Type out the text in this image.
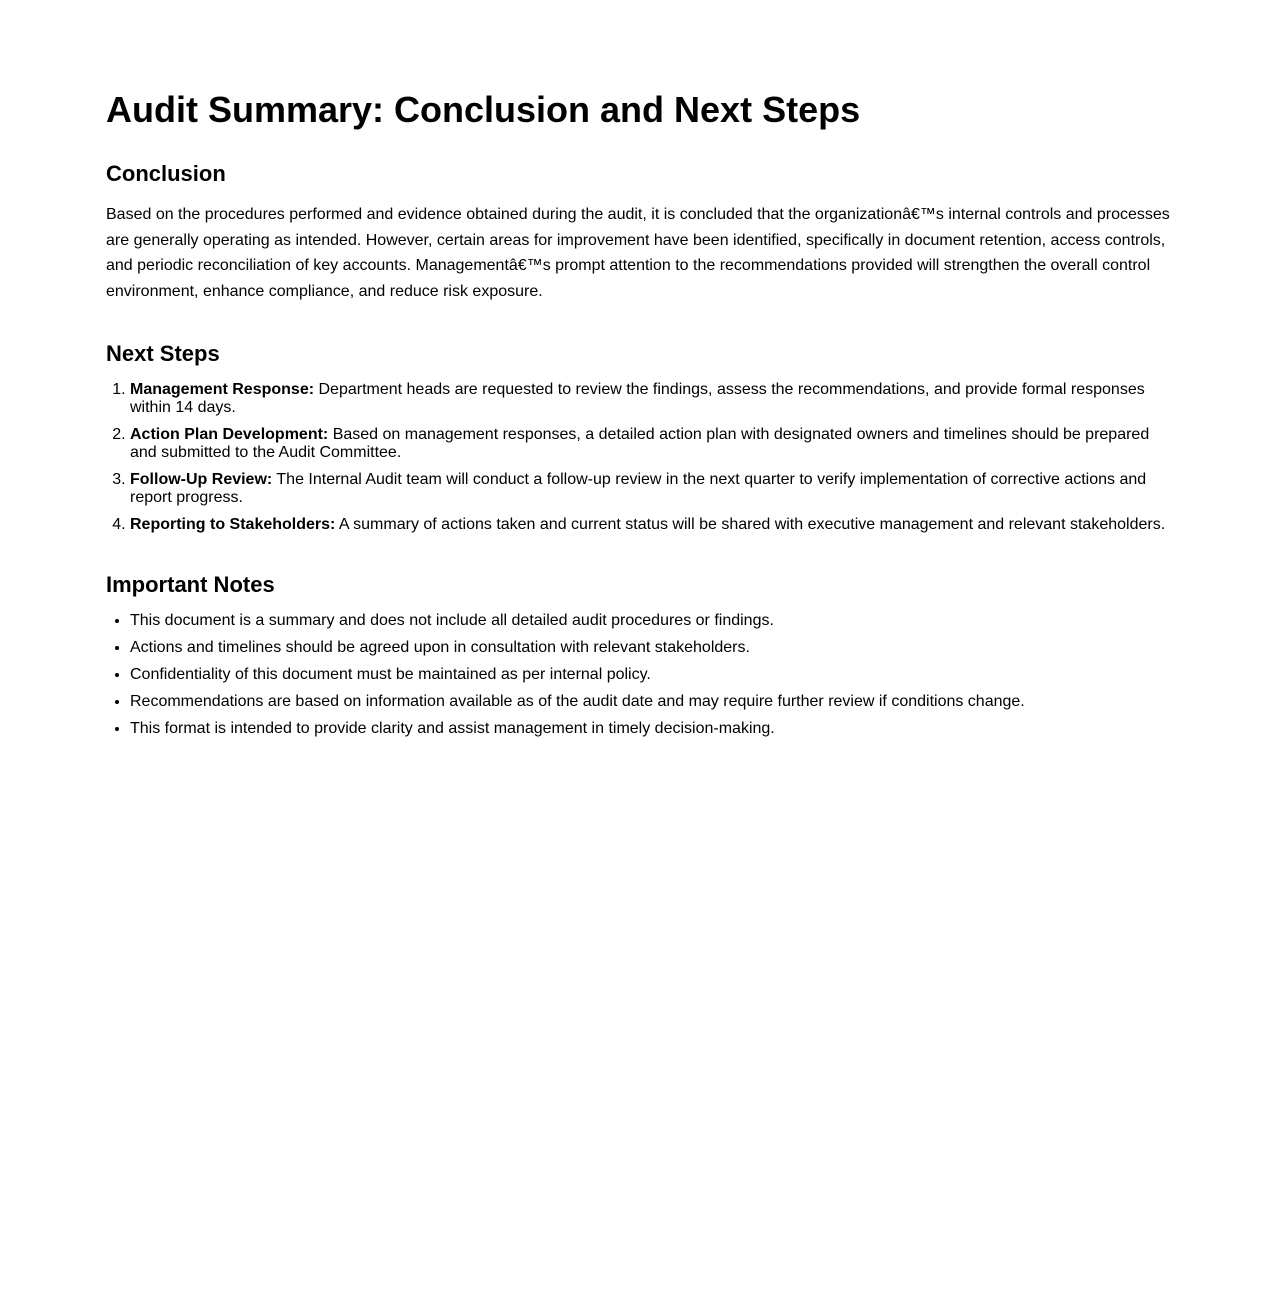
Audit Summary: Conclusion and Next Steps
Conclusion

Based on the procedures performed and evidence obtained during the audit, it is concluded that the organizationâ€™s internal controls and processes are generally operating as intended. However, certain areas for improvement have been identified, specifically in document retention, access controls, and periodic reconciliation of key accounts. Managementâ€™s prompt attention to the recommendations provided will strengthen the overall control environment, enhance compliance, and reduce risk exposure.

Next Steps
1. Management Response: Department heads are requested to review the findings, assess the recommendations, and provide formal responses within 14 days.
2. Action Plan Development: Based on management responses, a detailed action plan with designated owners and timelines should be prepared and submitted to the Audit Committee.
3. Follow-Up Review: The Internal Audit team will conduct a follow-up review in the next quarter to verify implementation of corrective actions and report progress.
4. Reporting to Stakeholders: A summary of actions taken and current status will be shared with executive management and relevant stakeholders.
Important Notes
• This document is a summary and does not include all detailed audit procedures or findings.
• Actions and timelines should be agreed upon in consultation with relevant stakeholders.
• Confidentiality of this document must be maintained as per internal policy.
• Recommendations are based on information available as of the audit date and may require further review if conditions change.
• This format is intended to provide clarity and assist management in timely decision-making.
